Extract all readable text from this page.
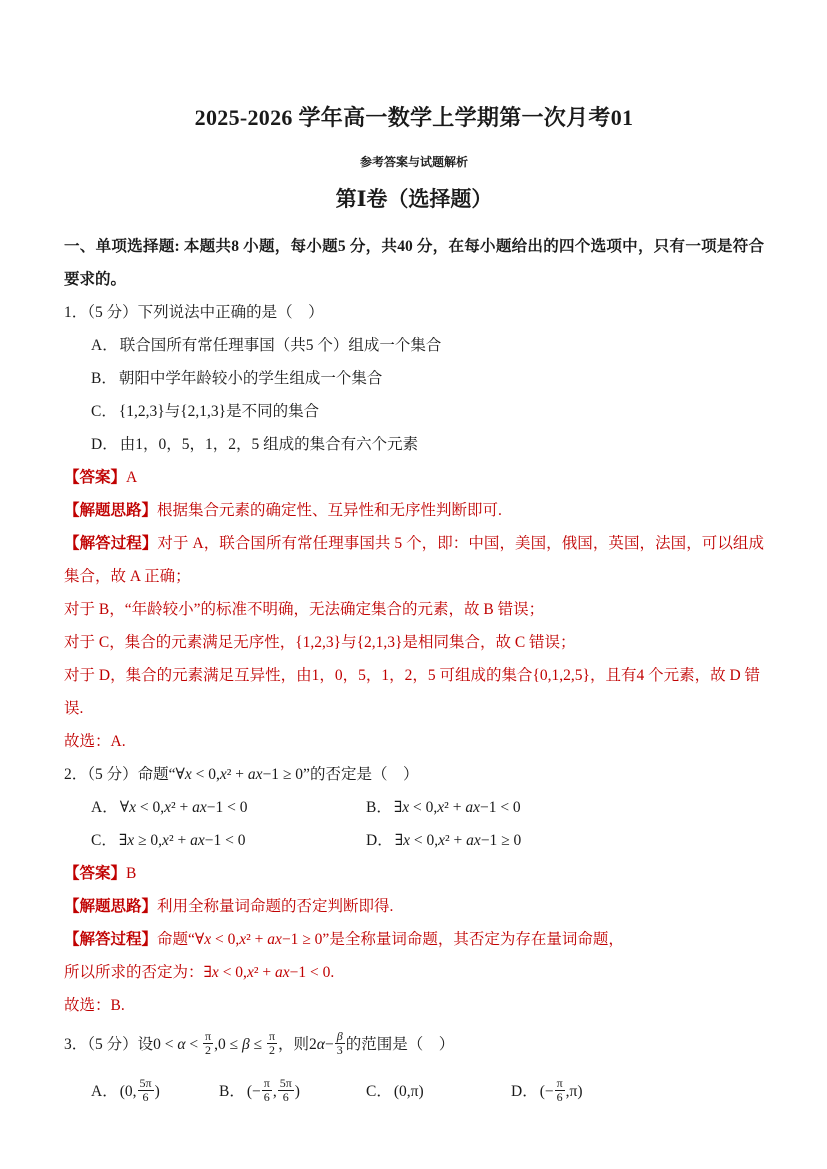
2025-2026 学年高一数学上学期第一次月考01
参考答案与试题解析
第Ⅰ卷（选择题）

一、单项选择题: 本题共8 小题，每小题5 分，共40 分，在每小题给出的四个选项中，只有一项是符合要求的。

1．（5 分）下列说法中正确的是（　）
A． 联合国所有常任理事国（共5 个）组成一个集合
B． 朝阳中学年龄较小的学生组成一个集合
C． {1,2,3}与{2,1,3}是不同的集合
D． 由1，0，5，1，2，5 组成的集合有六个元素
【答案】A
【解题思路】根据集合元素的确定性、互异性和无序性判断即可.
【解答过程】对于 A，联合国所有常任理事国共 5 个，即：中国，美国，俄国，英国，法国，可以组成集合，故 A 正确；
对于 B，“年龄较小”的标准不明确，无法确定集合的元素，故 B 错误；
对于 C，集合的元素满足无序性，{1,2,3}与{2,1,3}是相同集合，故 C 错误；
对于 D，集合的元素满足互异性，由1，0，5，1，2，5 可组成的集合{0,1,2,5}，且有4 个元素，故 D 错误.
故选：A.
2．（5 分）命题“∀x < 0,x² + ax−1 ≥ 0”的否定是（　）
A． ∀x < 0,x² + ax−1 < 0	B． ∃x < 0,x² + ax−1 < 0
C． ∃x ≥ 0,x² + ax−1 < 0	D． ∃x < 0,x² + ax−1 ≥ 0
【答案】B
【解题思路】利用全称量词命题的否定判断即得.
【解答过程】命题“∀x < 0,x² + ax−1 ≥ 0”是全称量词命题，其否定为存在量词命题，
所以所求的否定为：∃x < 0,x² + ax−1 < 0.
故选：B.
3．（5 分）设$0 < \alpha < \frac{\pi}{2} ,0 \le \beta \le \frac{\pi}{2}$ ，则$2\alpha- \frac{\beta}{3}$ 的范围是（　）
A． (0, $\frac{5\pi}{6}$ )	B． (− $\frac{\pi}{6}$ , $\frac{5\pi}{6}$ )	C． (0,π)	D． (− $\frac{\pi}{6} ,\pi$)
